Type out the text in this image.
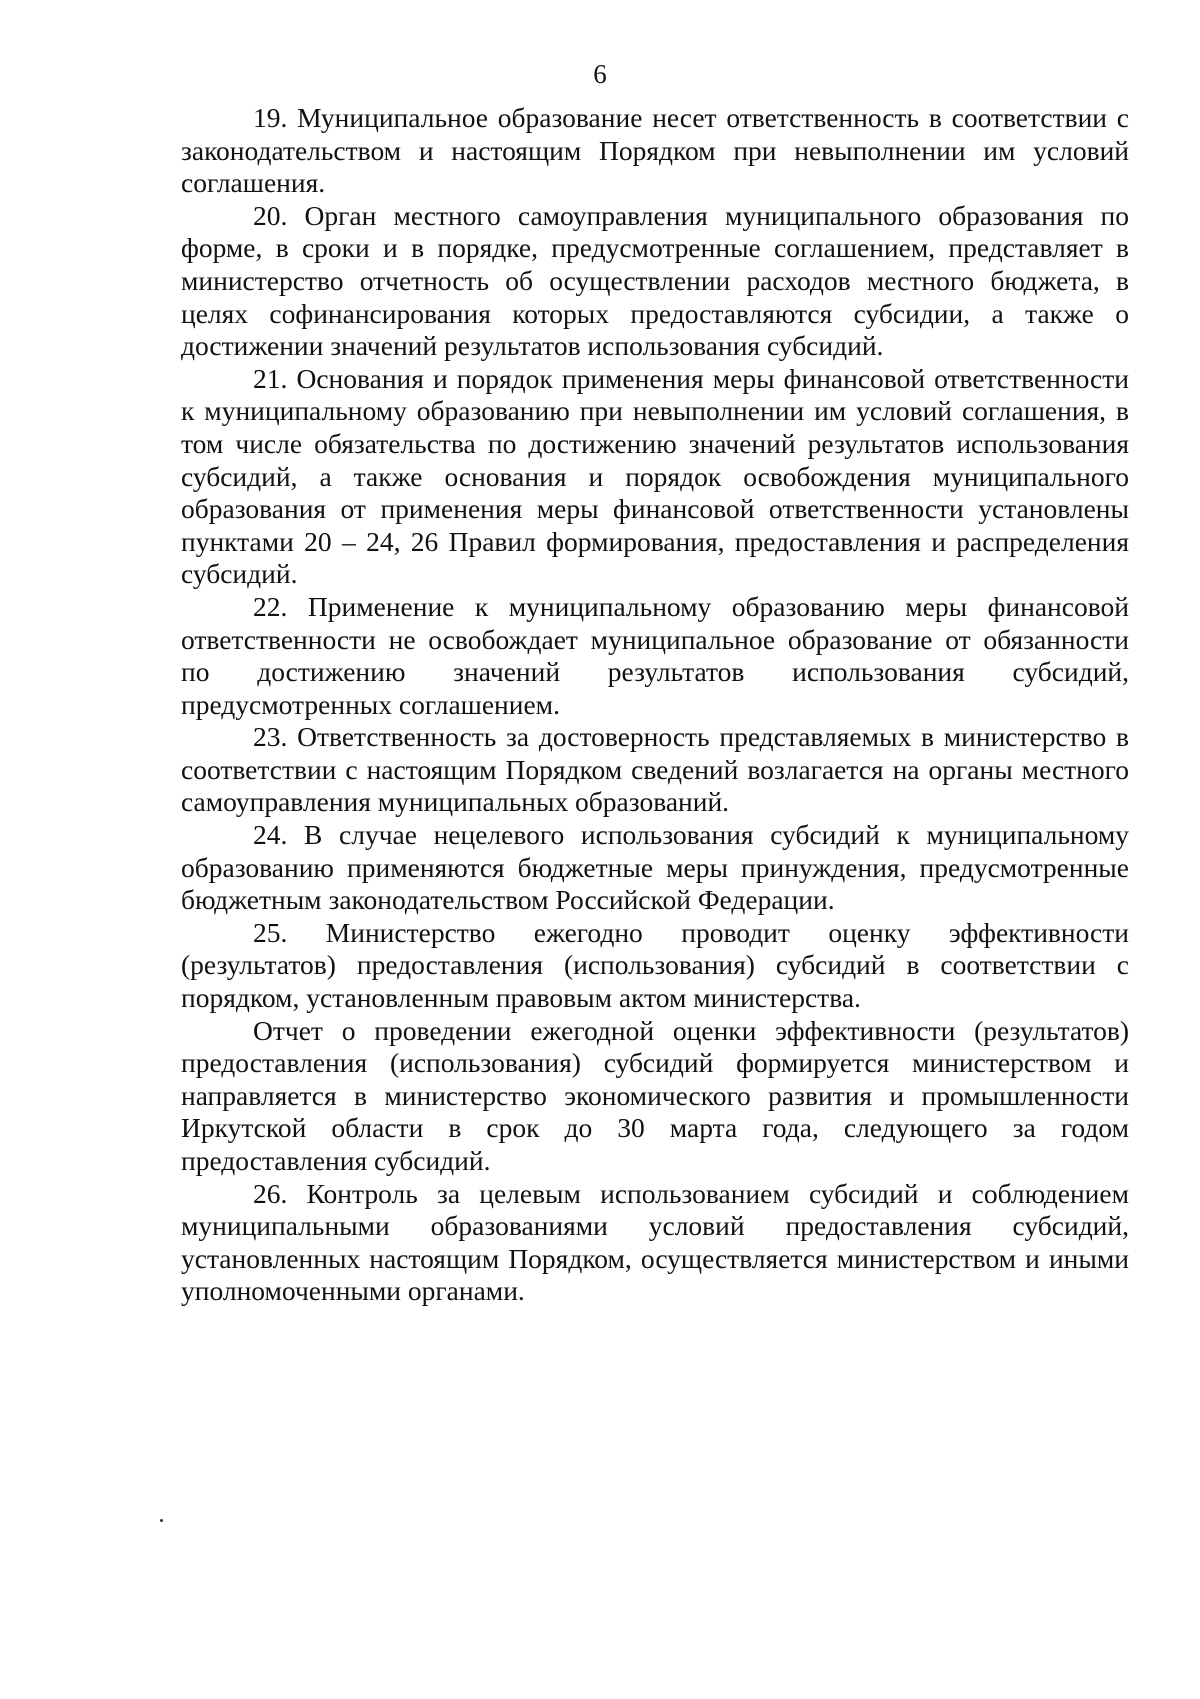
6

19. Муниципальное образование несет ответственность в соответствии с законодательством и настоящим Порядком при невыполнении им условий соглашения.

20. Орган местного самоуправления муниципального образования по форме, в сроки и в порядке, предусмотренные соглашением, представляет в министерство отчетность об осуществлении расходов местного бюджета, в целях софинансирования которых предоставляются субсидии, а также о достижении значений результатов использования субсидий.

21. Основания и порядок применения меры финансовой ответственности к муниципальному образованию при невыполнении им условий соглашения, в том числе обязательства по достижению значений результатов использования субсидий, а также основания и порядок освобождения муниципального образования от применения меры финансовой ответственности установлены пунктами 20 – 24, 26 Правил формирования, предоставления и распределения субсидий.

22. Применение к муниципальному образованию меры финансовой ответственности не освобождает муниципальное образование от обязанности по достижению значений результатов использования субсидий, предусмотренных соглашением.

23. Ответственность за достоверность представляемых в министерство в соответствии с настоящим Порядком сведений возлагается на органы местного самоуправления муниципальных образований.

24. В случае нецелевого использования субсидий к муниципальному образованию применяются бюджетные меры принуждения, предусмотренные бюджетным законодательством Российской Федерации.

25. Министерство ежегодно проводит оценку эффективности (результатов) предоставления (использования) субсидий в соответствии с порядком, установленным правовым актом министерства.

Отчет о проведении ежегодной оценки эффективности (результатов) предоставления (использования) субсидий формируется министерством и направляется в министерство экономического развития и промышленности Иркутской области в срок до 30 марта года, следующего за годом предоставления субсидий.

26. Контроль за целевым использованием субсидий и соблюдением муниципальными образованиями условий предоставления субсидий, установленных настоящим Порядком, осуществляется министерством и иными уполномоченными органами.
